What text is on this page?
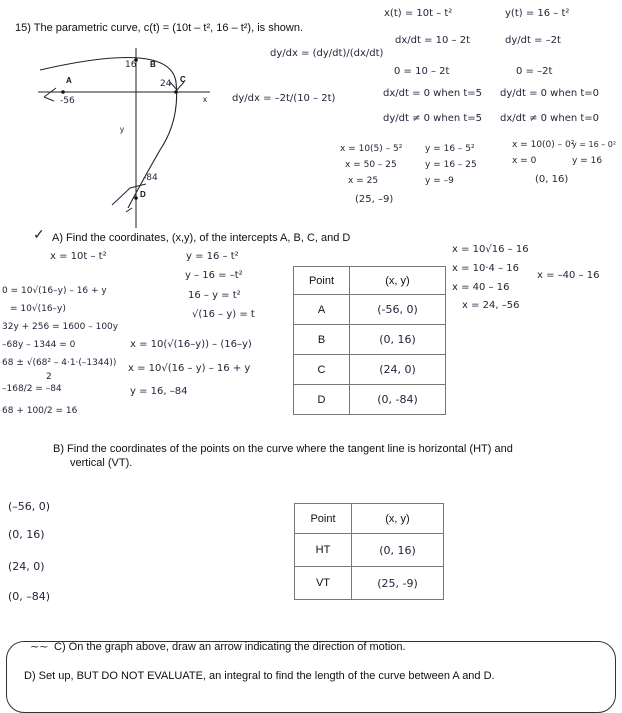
15) The parametric curve, c(t) = (10t – t², 16 – t²), is shown.
A
B
C
D
y
x
-56
16
24
-84
dy/dx = (dy/dt)/(dx/dt)
dy/dx = –2t/(10 – 2t)
x(t) = 10t – t²	y(t) = 16 – t²
dx/dt = 10 – 2t	dy/dt = –2t
0 = 10 – 2t	0 = –2t
dx/dt = 0 when t=5 dy/dt = 0 when t=0
dy/dt ≠ 0 when t=5 dx/dt ≠ 0 when t=0
x = 10(5) – 5²	y = 16 – 5²
x = 50 – 25	y = 16 – 25
x = 25	y = –9
(25, –9)
x = 10(0) – 0²
y = 16 – 0²
x = 0	y = 16
(0, 16)
✓ A) Find the coordinates, (x,y), of the intercepts A, B, C, and D
x = 10t – t²	y = 16 – t²
y – 16 = –t²
16 – y = t²
√(16 – y) = t
x = 10(√(16–y)) – (16–y)
x = 10√(16 – y) – 16 + y
y = 16, –84
0 = 10√(16–y) – 16 + y
= 10√(16–y)
32y + 256 = 1600 – 100y
–68y – 1344 = 0
68 ± √(68² – 4·1·(–1344))
2
–168/2 = –84
68 + 100/2 = 16
x = 10√16 – 16
x = 10·4 – 16
x = 40 – 16
x = –40 – 16
x = 24, –56
Point	(x, y)
A	(-56, 0)
B	(0, 16)
C	(24, 0)
D	(0, -84)
B) Find the coordinates of the points on the curve where the tangent line is horizontal (HT) and
vertical (VT).
(–56, 0)
(0, 16)
(24, 0)
(0, –84)
Point	(x, y)
HT	(0, 16)
VT	(25, -9)
~~ C) On the graph above, draw an arrow indicating the direction of motion.
D) Set up, BUT DO NOT EVALUATE, an integral to find the length of the curve between A and D.
